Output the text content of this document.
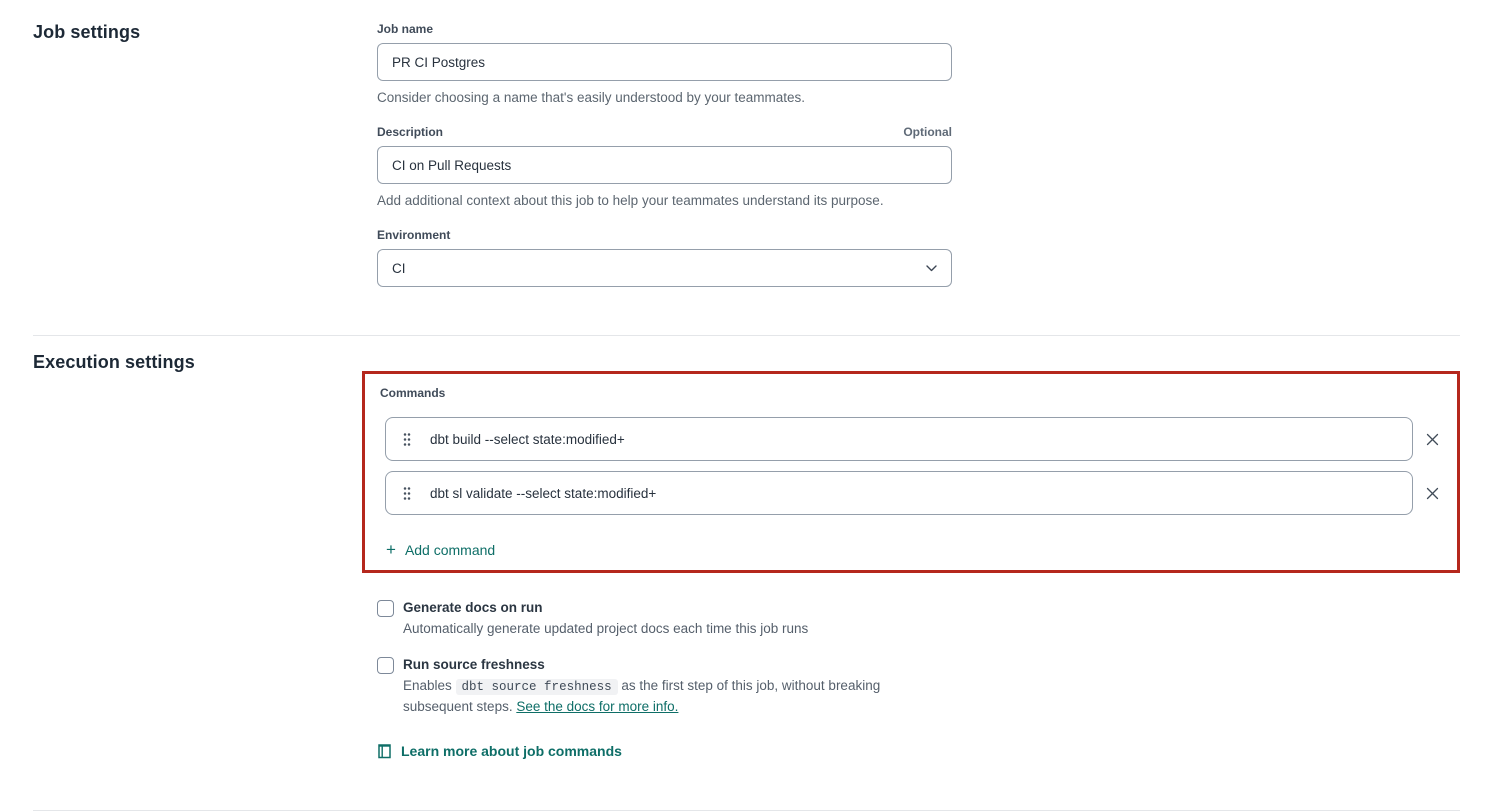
Job settings	Job name
PR CI Postgres

Consider choosing a name that's easily understood by your teammates.

Description	Optional
CI on Pull Requests

Add additional context about this job to help your teammates understand its purpose.

Environment
CI
Execution settings
Commands
dbt build --select state:modified+
dbt sl validate --select state:modified+
+ Add command
Generate docs on run
Automatically generate updated project docs each time this job runs
Run source freshness
Enables dbt source freshness as the first step of this job, without breaking subsequent steps. See the docs for more info.
Learn more about job commands
